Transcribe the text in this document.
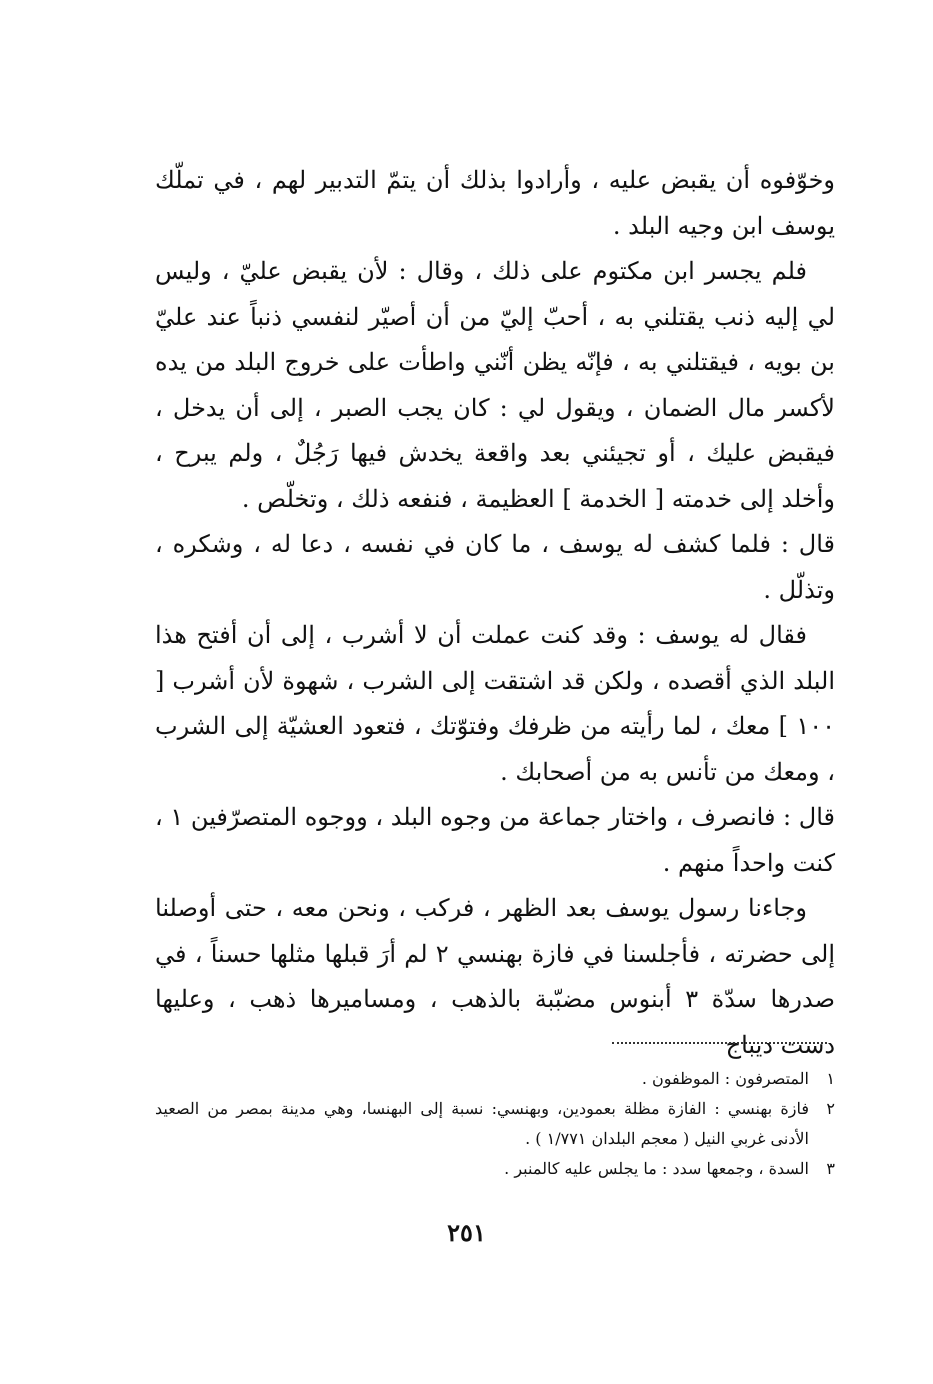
وخوّفوه أن يقبض عليه ، وأرادوا بذلك أن يتمّ التدبير لهم ، في تملّك يوسف ابن وجيه البلد .

فلم يجسر ابن مكتوم على ذلك ، وقال : لأن يقبض عليّ ، وليس لي إليه ذنب يقتلني به ، أحبّ إليّ من أن أصيّر لنفسي ذنباً عند عليّ بن بويه ، فيقتلني به ، فإنّه يظن أنّني واطأت على خروج البلد من يده لأكسر مال الضمان ، ويقول لي : كان يجب الصبر ، إلى أن يدخل ، فيقبض عليك ، أو تجيئني بعد واقعة يخدش فيها رَجُلٌ ، ولم يبرح ، وأخلد إلى خدمته [ الخدمة ] العظيمة ، فنفعه ذلك ، وتخلّص .

قال : فلما كشف له يوسف ، ما كان في نفسه ، دعا له ، وشكره ، وتذلّل .

فقال له يوسف : وقد كنت عملت أن لا أشرب ، إلى أن أفتح هذا البلد الذي أقصده ، ولكن قد اشتقت إلى الشرب ، شهوة لأن أشرب [ ١٠٠ ] معك ، لما رأيته من ظرفك وفتوّتك ، فتعود العشيّة إلى الشرب ، ومعك من تأنس به من أصحابك .

قال : فانصرف ، واختار جماعة من وجوه البلد ، ووجوه المتصرّفين ١ ، كنت واحداً منهم .

وجاءنا رسول يوسف بعد الظهر ، فركب ، ونحن معه ، حتى أوصلنا إلى حضرته ، فأجلسنا في فازة بهنسي ٢ لم أرَ قبلها مثلها حسناً ، في صدرها سدّة ٣ أبنوس مضبّبة بالذهب ، ومساميرها ذهب ، وعليها دست ديباج

١
المتصرفون : الموظفون .
٢
فازة بهنسي : الفازة مظلة بعمودين، وبهنسي: نسبة إلى البهنسا، وهي مدينة بمصر من الصعيد الأدنى غربي النيل ( معجم البلدان ١/٧٧١ ) .
٣
السدة ، وجمعها سدد : ما يجلس عليه كالمنبر .
٢٥١
